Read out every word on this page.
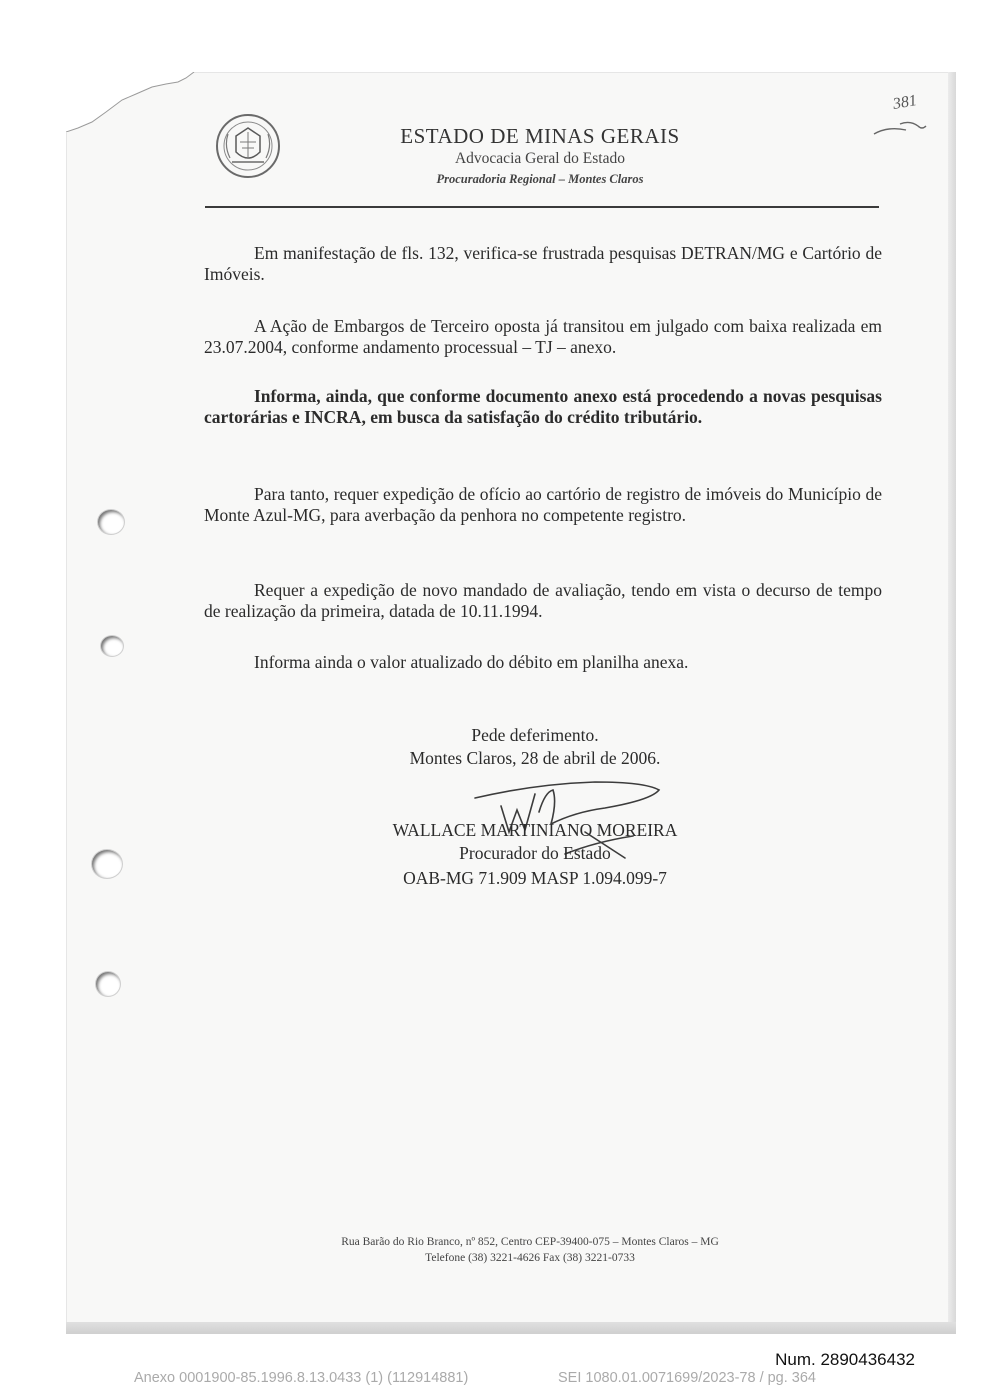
ESTADO DE MINAS GERAIS
Advocacia Geral do Estado
Procuradoria Regional – Montes Claros
381
Em manifestação de fls. 132, verifica-se frustrada pesquisas DETRAN/MG e Cartório de Imóveis.
A Ação de Embargos de Terceiro oposta já transitou em julgado com baixa realizada em 23.07.2004, conforme andamento processual – TJ – anexo.
Informa, ainda, que conforme documento anexo está procedendo a novas pesquisas cartorárias e INCRA, em busca da satisfação do crédito tributário.
Para tanto, requer expedição de ofício ao cartório de registro de imóveis do Município de Monte Azul-MG, para averbação da penhora no competente registro.
Requer a expedição de novo mandado de avaliação, tendo em vista o decurso de tempo de realização da primeira, datada de 10.11.1994.
Informa ainda o valor atualizado do débito em planilha anexa.
Pede deferimento.
Montes Claros, 28 de abril de 2006.
WALLACE MARTINIANO MOREIRA
Procurador do Estado
OAB-MG 71.909 MASP 1.094.099-7
Rua Barão do Rio Branco, nº 852, Centro CEP-39400-075 – Montes Claros – MG
Telefone (38) 3221-4626 Fax (38) 3221-0733
Num. 2890436432
Anexo 0001900-85.1996.8.13.0433 (1) (112914881)	SEI 1080.01.0071699/2023-78 / pg. 364
